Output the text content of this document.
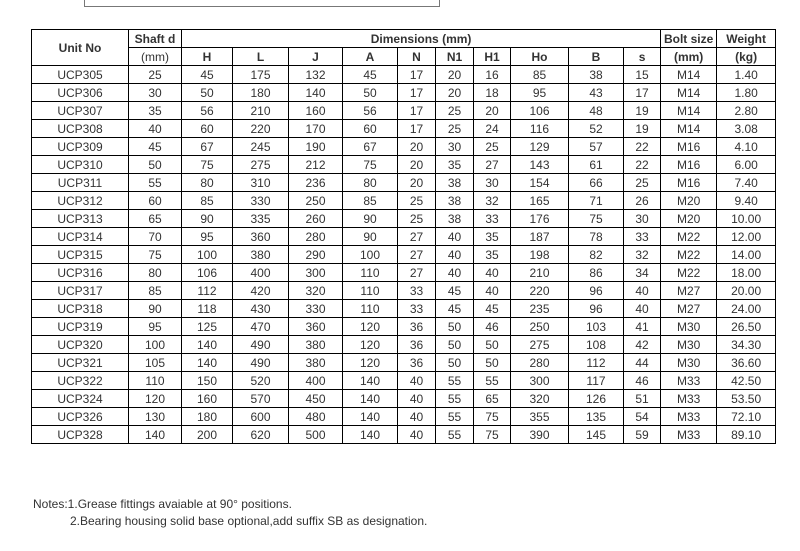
Unit No	Shaft d	Dimensions (mm)										Bolt size	Weight
	(mm)	H	L	J	A	N	N1	H1	Ho	B	s	(mm)	(kg)
UCP305	25	45	175	132	45	17	20	16	85	38	15	M14	1.40
UCP306	30	50	180	140	50	17	20	18	95	43	17	M14	1.80
UCP307	35	56	210	160	56	17	25	20	106	48	19	M14	2.80
UCP308	40	60	220	170	60	17	25	24	116	52	19	M14	3.08
UCP309	45	67	245	190	67	20	30	25	129	57	22	M16	4.10
UCP310	50	75	275	212	75	20	35	27	143	61	22	M16	6.00
UCP311	55	80	310	236	80	20	38	30	154	66	25	M16	7.40
UCP312	60	85	330	250	85	25	38	32	165	71	26	M20	9.40
UCP313	65	90	335	260	90	25	38	33	176	75	30	M20	10.00
UCP314	70	95	360	280	90	27	40	35	187	78	33	M22	12.00
UCP315	75	100	380	290	100	27	40	35	198	82	32	M22	14.00
UCP316	80	106	400	300	110	27	40	40	210	86	34	M22	18.00
UCP317	85	112	420	320	110	33	45	40	220	96	40	M27	20.00
UCP318	90	118	430	330	110	33	45	45	235	96	40	M27	24.00
UCP319	95	125	470	360	120	36	50	46	250	103	41	M30	26.50
UCP320	100	140	490	380	120	36	50	50	275	108	42	M30	34.30
UCP321	105	140	490	380	120	36	50	50	280	112	44	M30	36.60
UCP322	110	150	520	400	140	40	55	55	300	117	46	M33	42.50
UCP324	120	160	570	450	140	40	55	65	320	126	51	M33	53.50
UCP326	130	180	600	480	140	40	55	75	355	135	54	M33	72.10
UCP328	140	200	620	500	140	40	55	75	390	145	59	M33	89.10
Notes:1.Grease fittings avaiable at 90° positions.
2.Bearing housing solid base optional,add suffix SB as designation.
